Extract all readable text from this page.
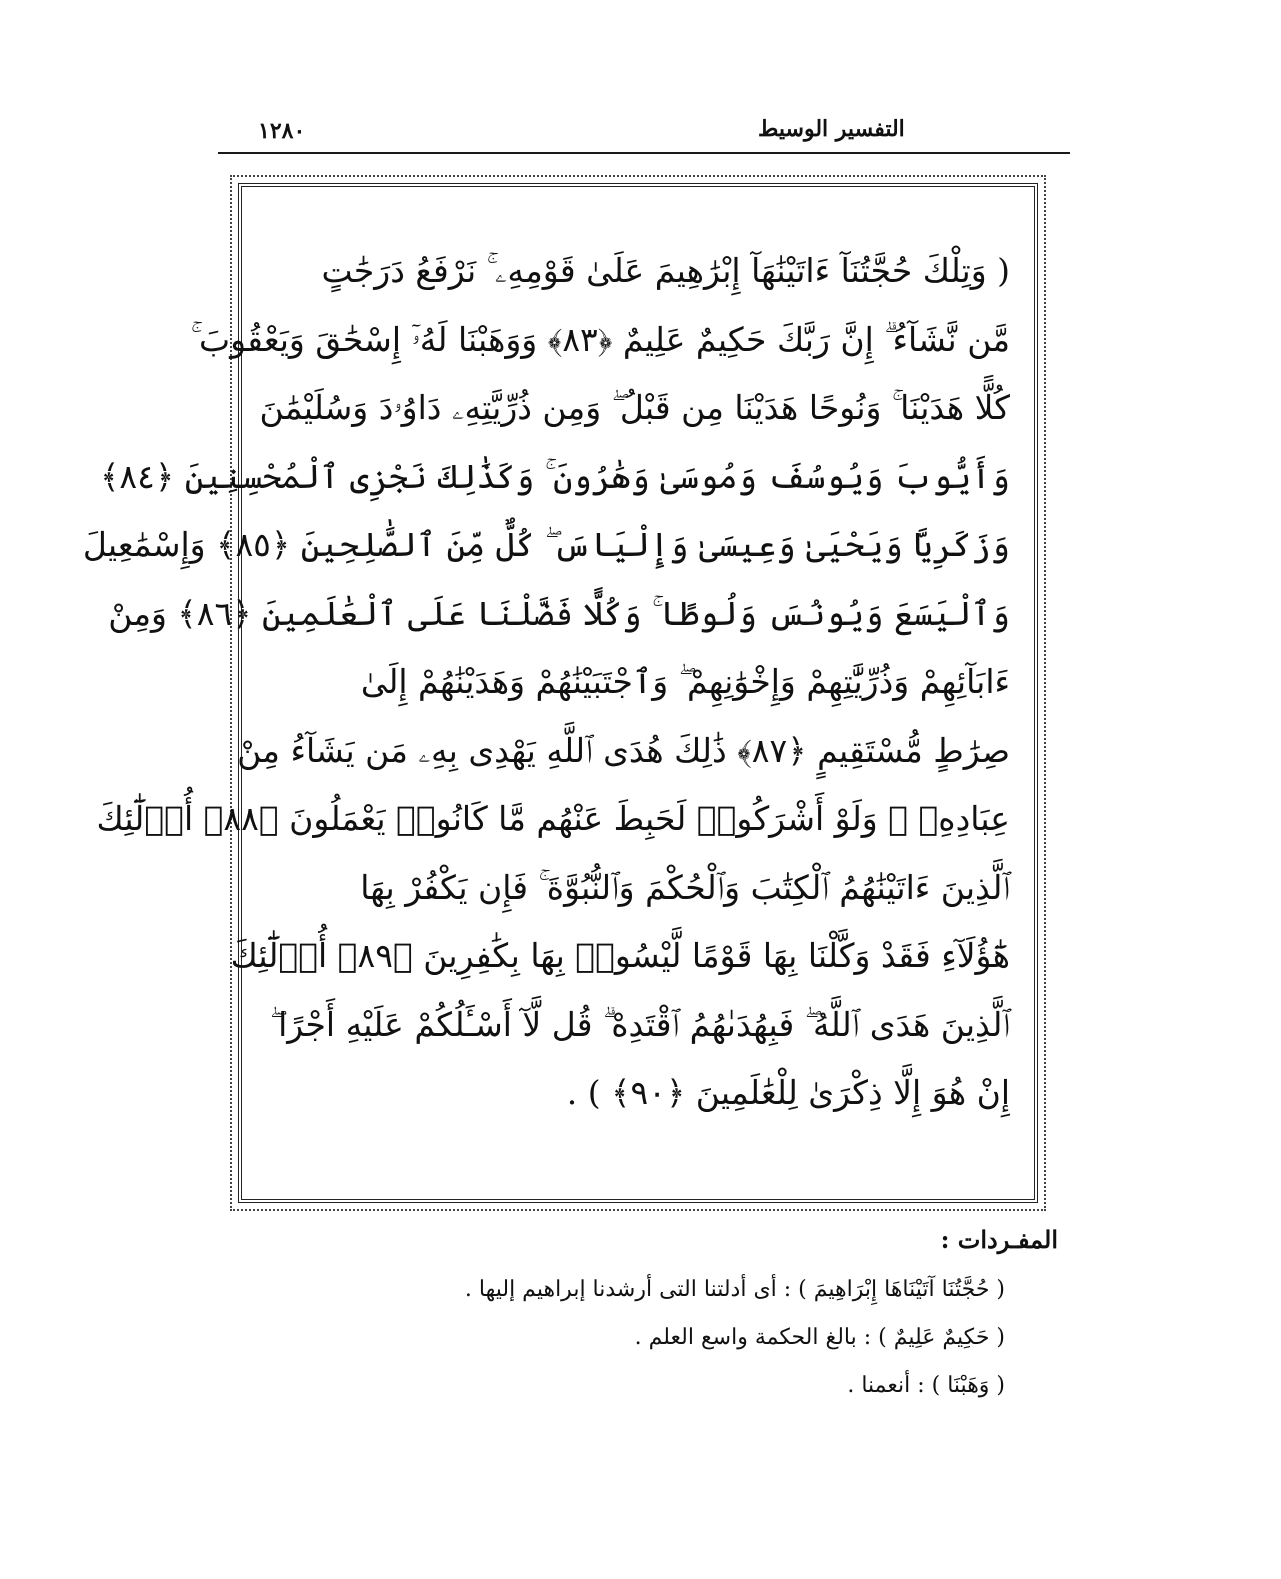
١٢٨٠	التفسير الوسيط
( وَتِلْكَ حُجَّتُنَآ ءَاتَيْنَٰهَآ إِبْرَٰهِيمَ عَلَىٰ قَوْمِهِۦ ۚ نَرْفَعُ دَرَجَٰتٍ
مَّن نَّشَآءُ ۗ إِنَّ رَبَّكَ حَكِيمٌ عَلِيمٌ ﴿٨٣﴾ وَوَهَبْنَا لَهُۥٓ إِسْحَٰقَ وَيَعْقُوبَ ۚ
كُلًّا هَدَيْنَا ۚ وَنُوحًا هَدَيْنَا مِن قَبْلُ ۖ وَمِن ذُرِّيَّتِهِۦ دَاوُۥدَ وَسُلَيْمَٰنَ
وَأَيُّوبَ وَيُوسُفَ وَمُوسَىٰ وَهَٰرُونَ ۚ وَكَذَٰلِكَ نَجْزِى ٱلْمُحْسِنِينَ ﴿٨٤﴾
وَزَكَرِيَّا وَيَحْيَىٰ وَعِيسَىٰ وَإِلْيَاسَ ۖ كُلٌّ مِّنَ ٱلصَّٰلِحِينَ ﴿٨٥﴾ وَإِسْمَٰعِيلَ
وَٱلْيَسَعَ وَيُونُسَ وَلُوطًا ۚ وَكُلًّا فَضَّلْنَا عَلَى ٱلْعَٰلَمِينَ ﴿٨٦﴾ وَمِنْ
ءَابَآئِهِمْ وَذُرِّيَّٰتِهِمْ وَإِخْوَٰنِهِمْ ۖ وَٱجْتَبَيْنَٰهُمْ وَهَدَيْنَٰهُمْ إِلَىٰ
صِرَٰطٍ مُّسْتَقِيمٍ ﴿٨٧﴾ ذَٰلِكَ هُدَى ٱللَّهِ يَهْدِى بِهِۦ مَن يَشَآءُ مِنْ
عِبَادِهِۦ ۚ وَلَوْ أَشْرَكُوا۟ لَحَبِطَ عَنْهُم مَّا كَانُوا۟ يَعْمَلُونَ ﴿٨٨﴾ أُو۟لَٰٓئِكَ
ٱلَّذِينَ ءَاتَيْنَٰهُمُ ٱلْكِتَٰبَ وَٱلْحُكْمَ وَٱلنُّبُوَّةَ ۚ فَإِن يَكْفُرْ بِهَا
هَٰٓؤُلَآءِ فَقَدْ وَكَّلْنَا بِهَا قَوْمًا لَّيْسُوا۟ بِهَا بِكَٰفِرِينَ ﴿٨٩﴾ أُو۟لَٰٓئِكَ
ٱلَّذِينَ هَدَى ٱللَّهُ ۖ فَبِهُدَىٰهُمُ ٱقْتَدِهْ ۗ قُل لَّآ أَسْـَٔلُكُمْ عَلَيْهِ أَجْرًا ۖ
إِنْ هُوَ إِلَّا ذِكْرَىٰ لِلْعَٰلَمِينَ ﴿٩٠﴾ ) .
المفـردات :
( حُجَّتُنَا آتَيْنَاهَا إِبْرَاهِيمَ ) : أى أدلتنا التى أرشدنا إبراهيم إليها .
( حَكِيمٌ عَلِيمٌ ) : بالغ الحكمة واسع العلم .
( وَهَبْنَا ) : أنعمنا .
